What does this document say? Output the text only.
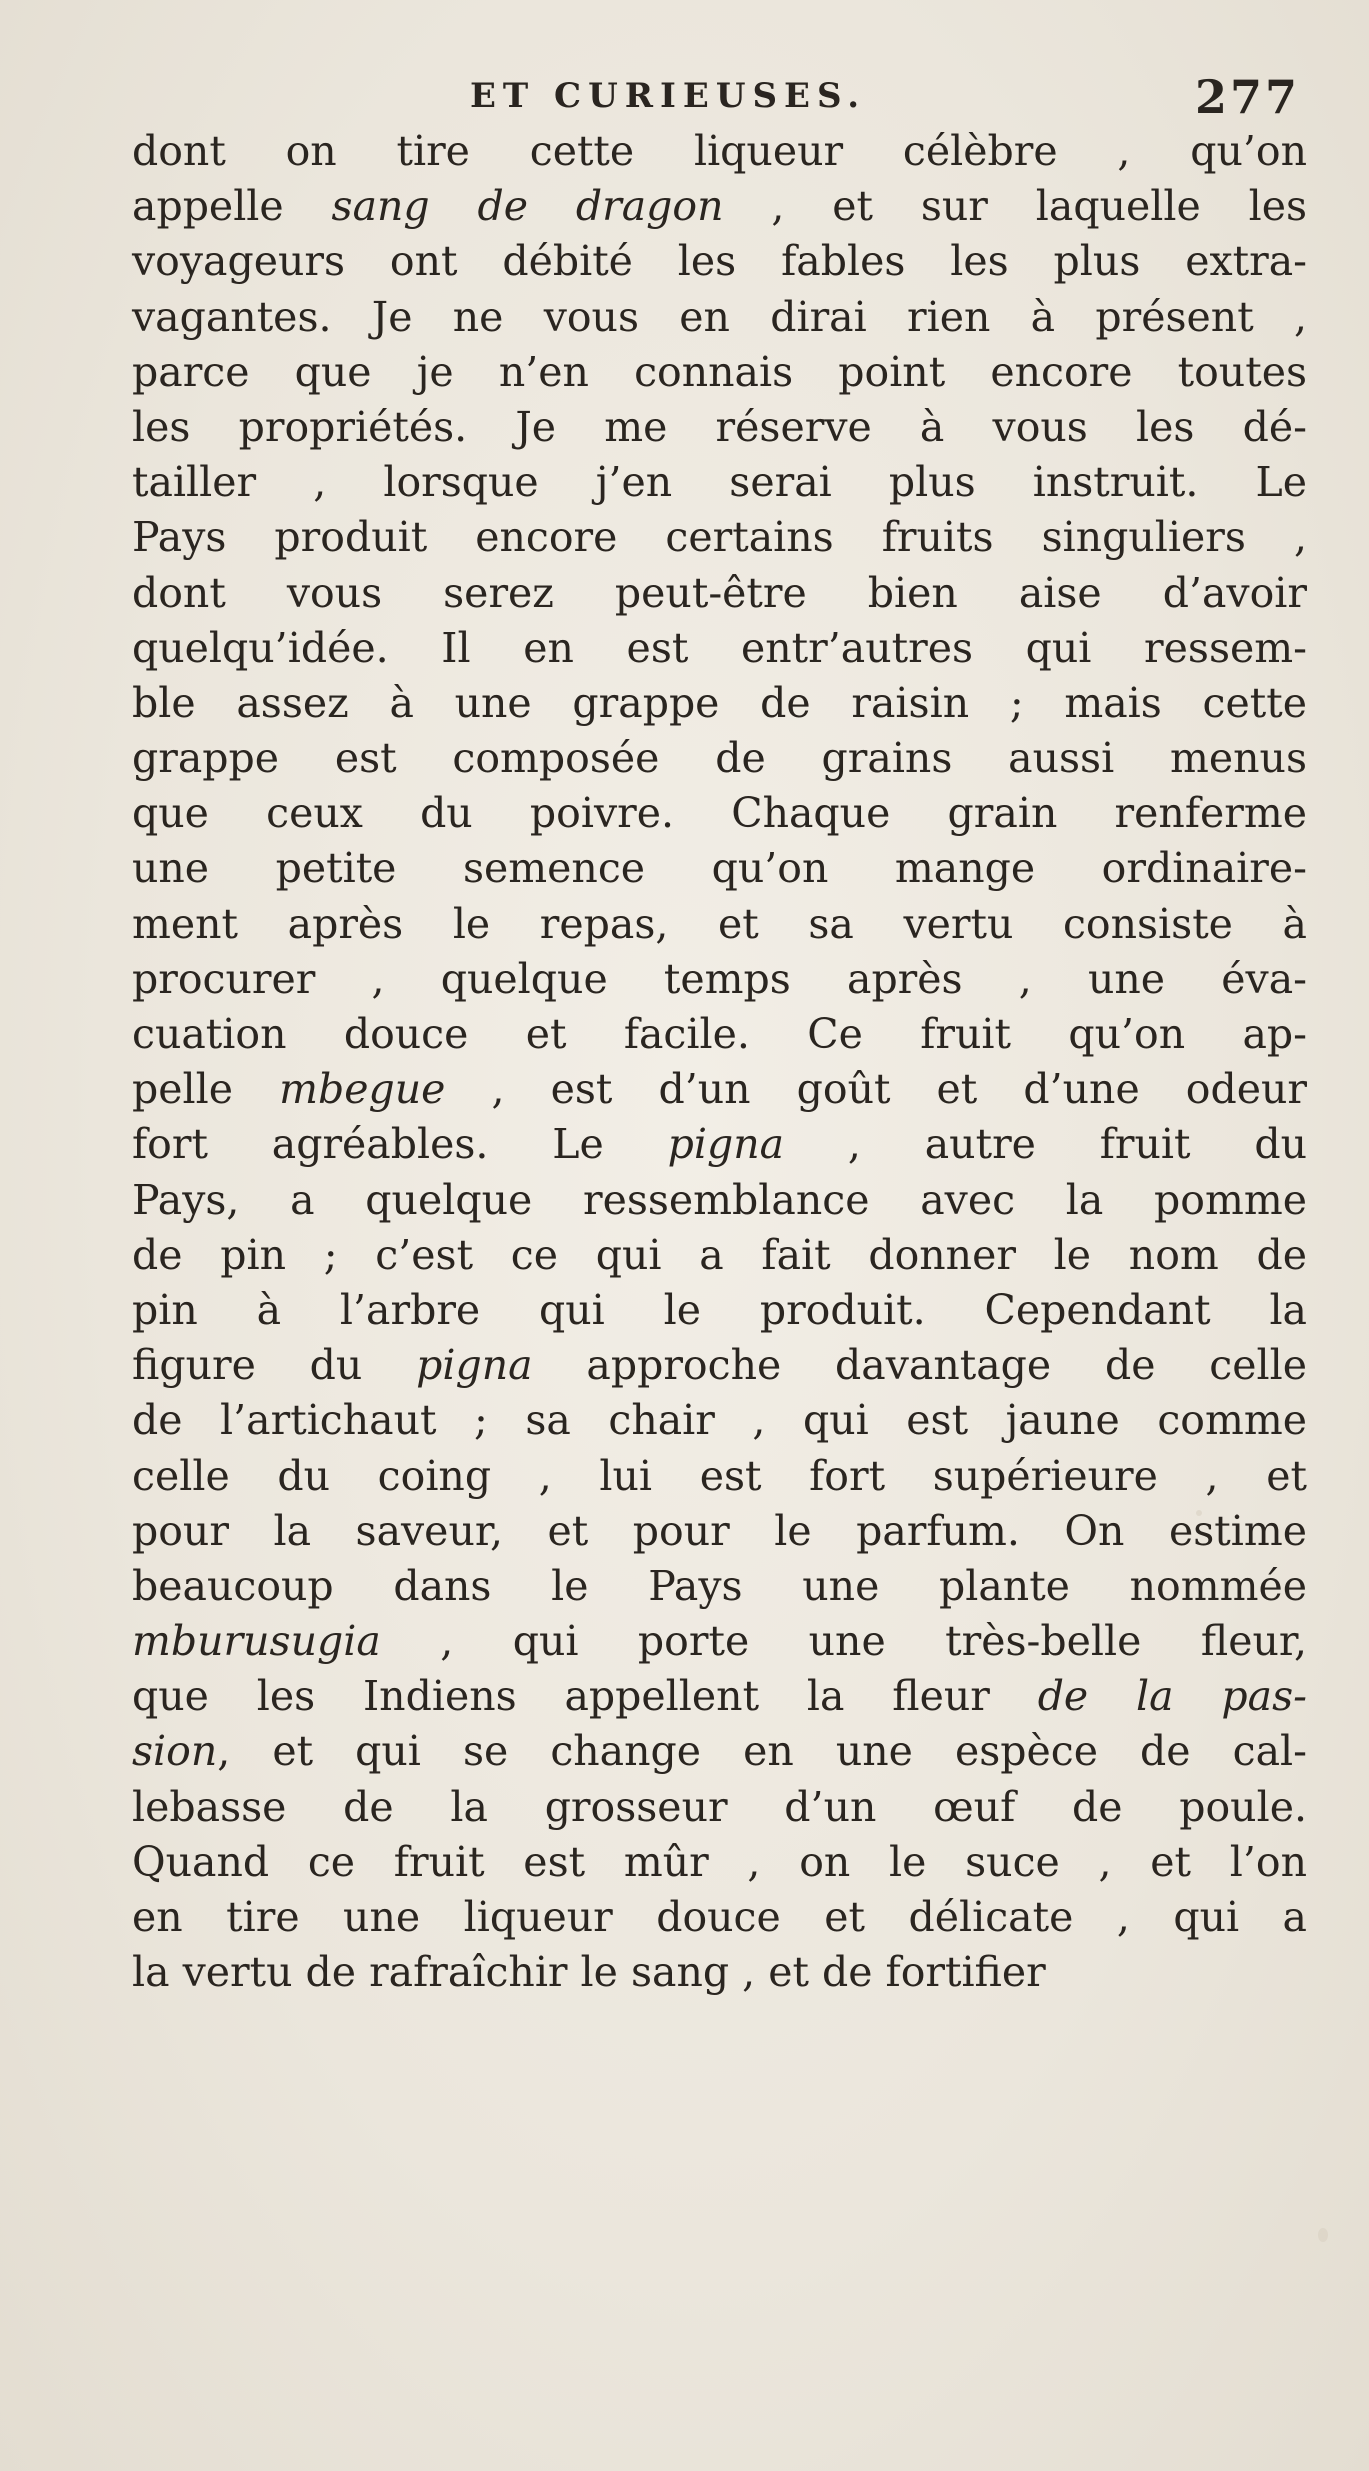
ET CURIEUSES.	277
dont on tire cette liqueur célèbre , qu’on
appelle sang de dragon , et sur laquelle les
voyageurs ont débité les fables les plus extra-
vagantes. Je ne vous en dirai rien à présent ,
parce que je n’en connais point encore toutes
les propriétés. Je me réserve à vous les dé-
tailler , lorsque j’en serai plus instruit. Le
Pays produit encore certains fruits singuliers ,
dont vous serez peut-être bien aise d’avoir
quelqu’idée. Il en est entr’autres qui ressem-
ble assez à une grappe de raisin ; mais cette
grappe est composée de grains aussi menus
que ceux du poivre. Chaque grain renferme
une petite semence qu’on mange ordinaire-
ment après le repas, et sa vertu consiste à
procurer , quelque temps après , une éva-
cuation douce et facile. Ce fruit qu’on ap-
pelle mbegue , est d’un goût et d’une odeur
fort agréables. Le pigna , autre fruit du
Pays, a quelque ressemblance avec la pomme
de pin ; c’est ce qui a fait donner le nom de
pin à l’arbre qui le produit. Cependant la
figure du pigna approche davantage de celle
de l’artichaut ; sa chair , qui est jaune comme
celle du coing , lui est fort supérieure , et
pour la saveur, et pour le parfum. On estime
beaucoup dans le Pays une plante nommée
mburusugia , qui porte une très-belle fleur,
que les Indiens appellent la fleur de la pas-
sion, et qui se change en une espèce de cal-
lebasse de la grosseur d’un œuf de poule.
Quand ce fruit est mûr , on le suce , et l’on
en tire une liqueur douce et délicate , qui a
la vertu de rafraîchir le sang , et de fortifier
